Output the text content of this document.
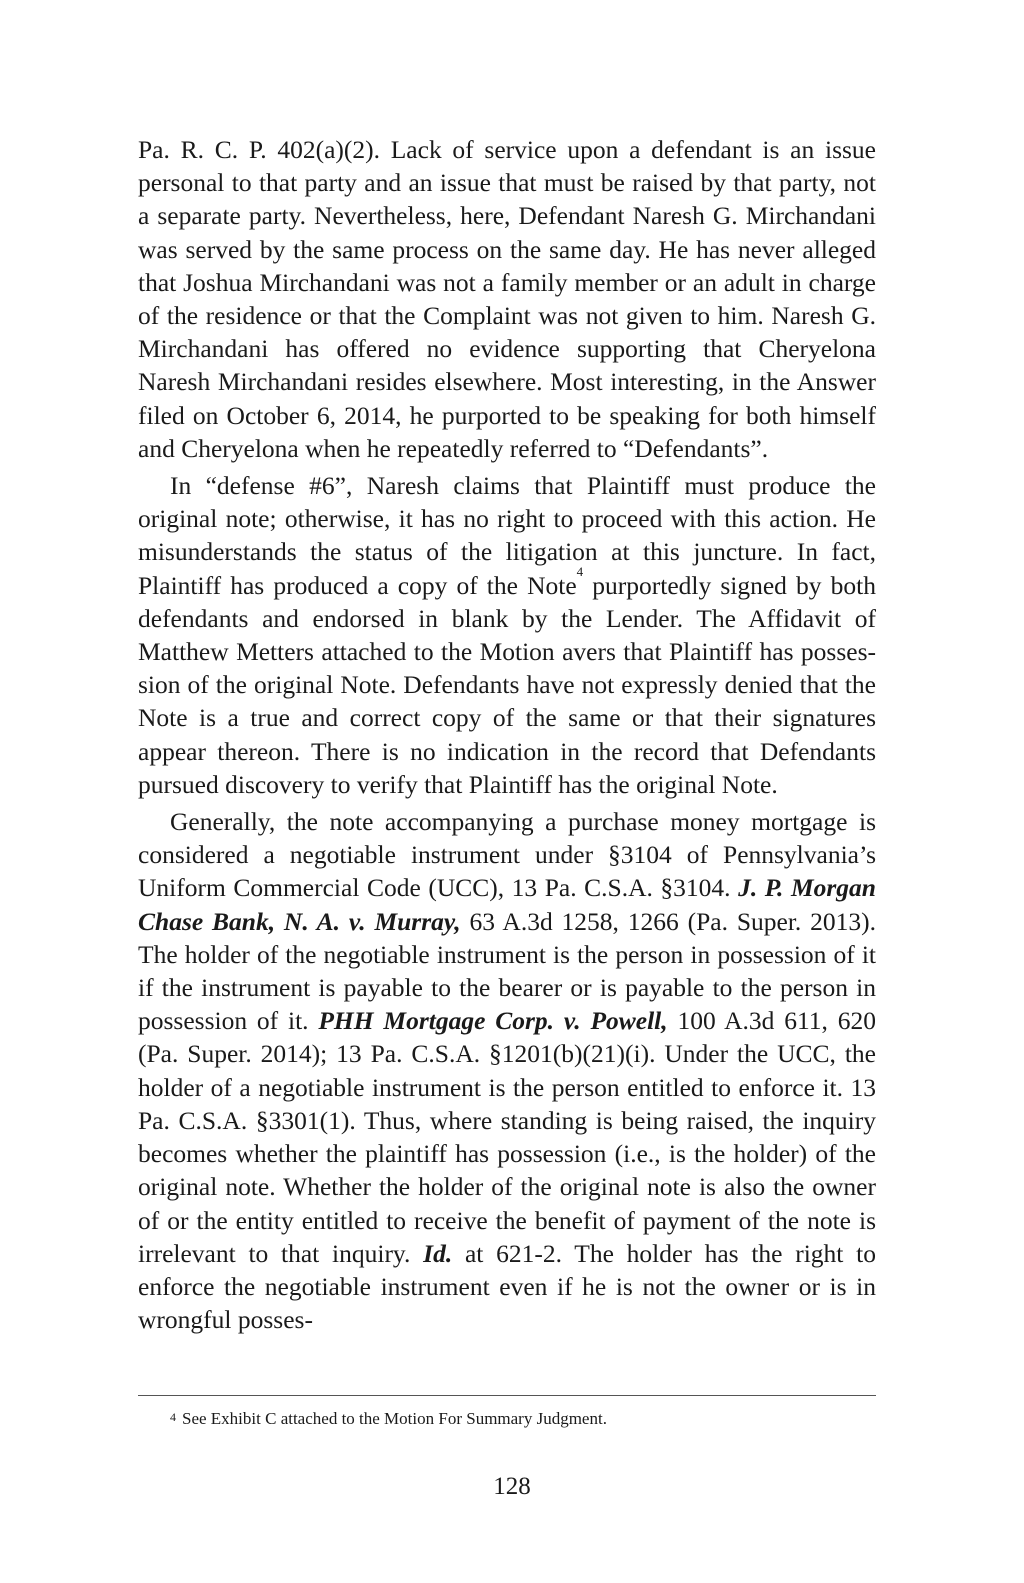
Pa. R. C. P. 402(a)(2). Lack of service upon a defendant is an issue personal to that party and an issue that must be raised by that party, not a separate party. Nevertheless, here, Defendant Naresh G. Mirchandani was served by the same process on the same day. He has never alleged that Joshua Mirchandani was not a family member or an adult in charge of the residence or that the Complaint was not given to him. Naresh G. Mirchandani has offered no evidence supporting that Cheryelona Naresh Mirchandani resides elsewhere. Most interesting, in the Answer filed on October 6, 2014, he purported to be speaking for both himself and Cheryelona when he repeatedly referred to “Defendants”.

In “defense #6”, Naresh claims that Plaintiff must produce the original note; otherwise, it has no right to proceed with this action. He misunderstands the status of the litigation at this juncture. In fact, Plaintiff has produced a copy of the Note$^4$ purportedly signed by both defendants and endorsed in blank by the Lender. The Affidavit of Matthew Metters attached to the Motion avers that Plaintiff has possession of the original Note. Defendants have not expressly denied that the Note is a true and correct copy of the same or that their signatures appear thereon. There is no indication in the record that Defendants pursued discovery to verify that Plaintiff has the original Note.

Generally, the note accompanying a purchase money mortgage is considered a negotiable instrument under §3104 of Pennsylvania’s Uniform Commercial Code (UCC), 13 Pa. C.S.A. §3104. J. P. Morgan Chase Bank, N. A. v. Murray, 63 A.3d 1258, 1266 (Pa. Super. 2013). The holder of the negotiable instrument is the person in possession of it if the instrument is payable to the bearer or is payable to the person in possession of it. PHH Mortgage Corp. v. Powell, 100 A.3d 611, 620 (Pa. Super. 2014); 13 Pa. C.S.A. §1201(b)(21)(i). Under the UCC, the holder of a negotiable instrument is the person entitled to enforce it. 13 Pa. C.S.A. §3301(1). Thus, where standing is being raised, the inquiry becomes whether the plaintiff has possession (i.e., is the holder) of the original note. Whether the holder of the original note is also the owner of or the entity entitled to receive the benefit of payment of the note is irrelevant to that inquiry. Id. at 621-2. The holder has the right to enforce the negotiable instrument even if he is not the owner or is in wrongful posses-

$^4$ See Exhibit C attached to the Motion For Summary Judgment.
128
